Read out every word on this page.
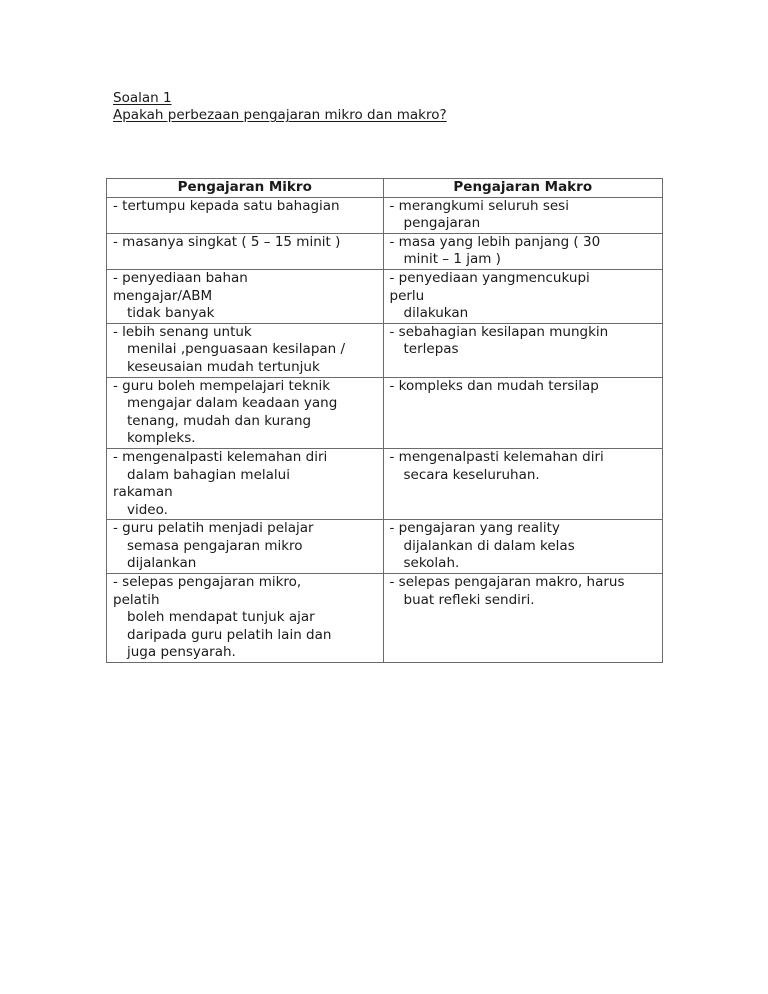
Soalan 1
Apakah perbezaan pengajaran mikro dan makro?
Pengajaran Mikro	Pengajaran Makro

- tertumpu kepada satu bahagian	- merangkumi seluruh sesi
pengajaran

- masanya singkat ( 5 – 15 minit )	- masa yang lebih panjang ( 30
minit – 1 jam )

- penyediaan bahan
mengajar/ABM
tidak banyak	- penyediaan yangmencukupi
perlu
dilakukan

- lebih senang untuk
menilai ,penguasaan kesilapan /
keseusaian mudah tertunjuk	- sebahagian kesilapan mungkin
terlepas

- guru boleh mempelajari teknik
mengajar dalam keadaan yang
tenang, mudah dan kurang
kompleks.	- kompleks dan mudah tersilap

- mengenalpasti kelemahan diri
dalam bahagian melalui
rakaman
video.	- mengenalpasti kelemahan diri
secara keseluruhan.

- guru pelatih menjadi pelajar
semasa pengajaran mikro
dijalankan	- pengajaran yang reality
dijalankan di dalam kelas
sekolah.

- selepas pengajaran mikro,
pelatih
boleh mendapat tunjuk ajar
daripada guru pelatih lain dan
juga pensyarah.	- selepas pengajaran makro, harus
buat refleki sendiri.
